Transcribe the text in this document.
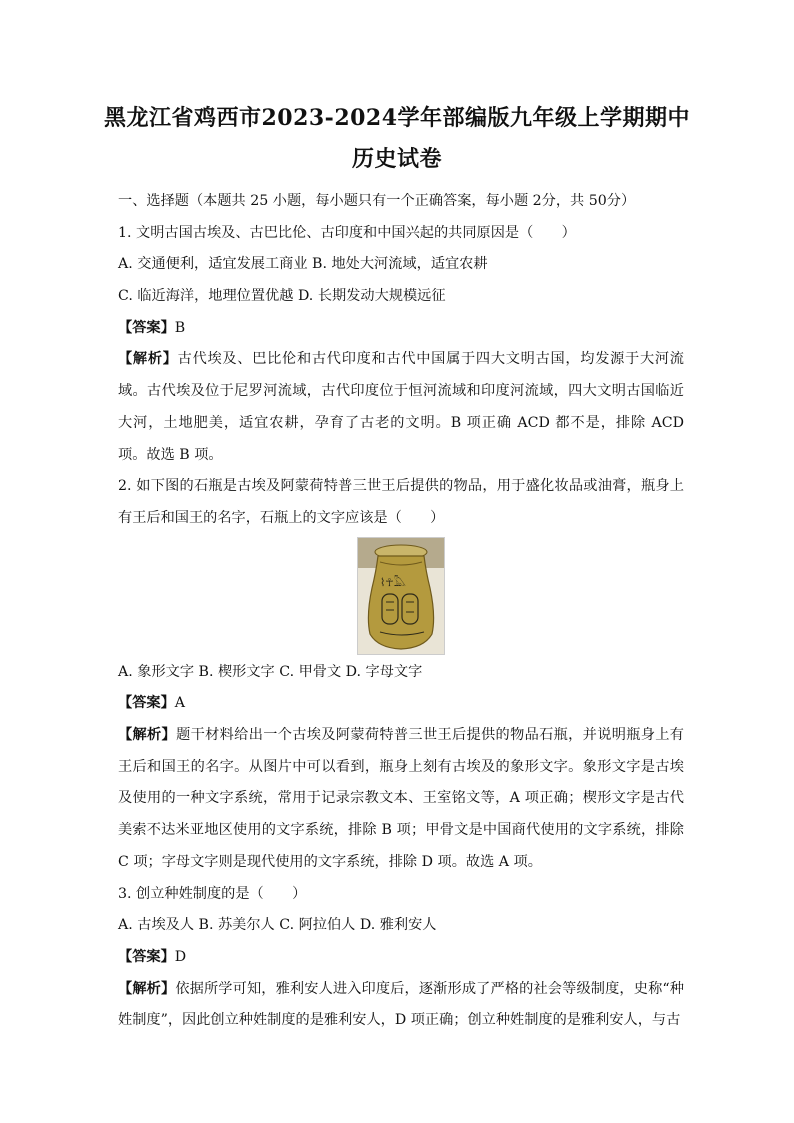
黑龙江省鸡西市2023-2024学年部编版九年级上学期期中
历史试卷

一、选择题（本题共 25 小题，每小题只有一个正确答案，每小题 2分，共 50分）

1. 文明古国古埃及、古巴比伦、古印度和中国兴起的共同原因是（　　）

A. 交通便利，适宜发展工商业 B. 地处大河流域，适宜农耕

C. 临近海洋，地理位置优越 D. 长期发动大规模远征

【答案】B

【解析】古代埃及、巴比伦和古代印度和古代中国属于四大文明古国，均发源于大河流域。古代埃及位于尼罗河流域，古代印度位于恒河流域和印度河流域，四大文明古国临近大河，土地肥美，适宜农耕，孕育了古老的文明。B 项正确 ACD 都不是，排除 ACD 项。故选 B 项。

2. 如下图的石瓶是古埃及阿蒙荷特普三世王后提供的物品，用于盛化妆品或油膏，瓶身上有王后和国王的名字，石瓶上的文字应该是（　　）

⌇☥𓅓

A. 象形文字 B. 楔形文字 C. 甲骨文 D. 字母文字

【答案】A

【解析】题干材料给出一个古埃及阿蒙荷特普三世王后提供的物品石瓶，并说明瓶身上有王后和国王的名字。从图片中可以看到，瓶身上刻有古埃及的象形文字。象形文字是古埃及使用的一种文字系统，常用于记录宗教文本、王室铭文等，A 项正确；楔形文字是古代美索不达米亚地区使用的文字系统，排除 B 项；甲骨文是中国商代使用的文字系统，排除 C 项；字母文字则是现代使用的文字系统，排除 D 项。故选 A 项。

3. 创立种姓制度的是（　　）

A. 古埃及人 B. 苏美尔人 C. 阿拉伯人 D. 雅利安人

【答案】D

【解析】依据所学可知，雅利安人进入印度后，逐渐形成了严格的社会等级制度，史称“种姓制度”，因此创立种姓制度的是雅利安人，D 项正确；创立种姓制度的是雅利安人，与古
